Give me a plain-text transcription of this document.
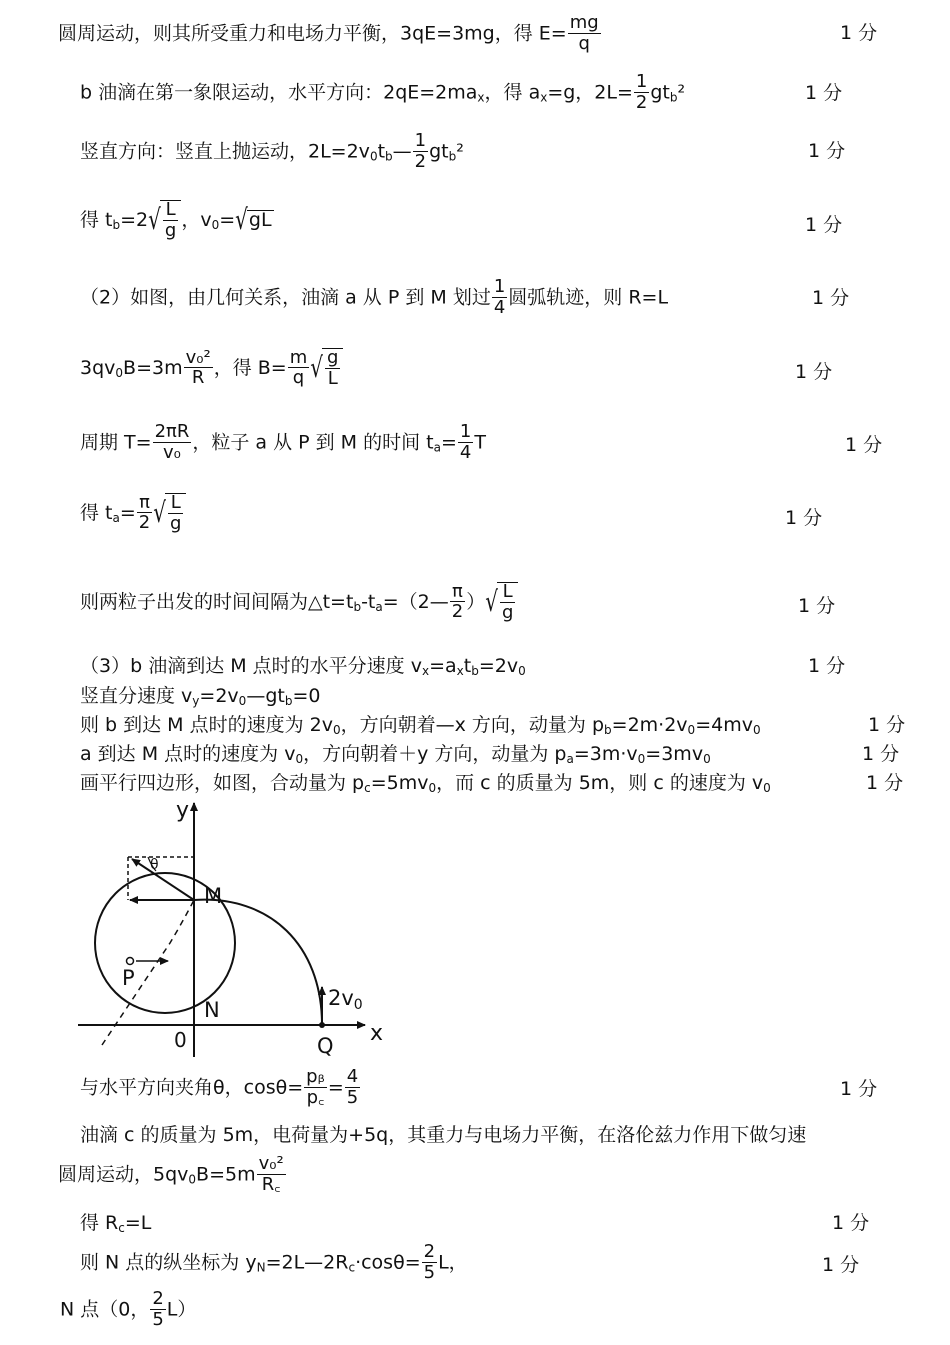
圆周运动，则其所受重力和电场力平衡，3qE=3mg，得 $E= \frac{mg}{q}$	1 分
b 油滴在第一象限运动，水平方向：$2qE=2ma_x$，得 $a_x=g$，$2L= \frac{1}{2} gt_b^2$	1 分
竖直方向：竖直上抛运动，$2L=2v_0t_b— \frac{1}{2} gt_b^2$	1 分
得 $t_b=2√ \frac{L}{g}$ ，$v_0=√gL$	1 分
（2）如图，由几何关系，油滴 a 从 P 到 M 划过 $\frac{1}{4}$ 圆弧轨迹，则 R=L	1 分
$3qv_0B=3m \frac{\text{v₀²}}{R}$ ，得 $B= \frac{m}{q}$ √ $\frac{g}{L}$	1 分
周期 $T= \frac{2\pi R}{\text{v₀}}$ ，粒子 a 从 P 到 M 的时间 $t_a= \frac{1}{4}$ T	1 分
得 $t_a= \frac{\pi}{2}$ √ $\frac{L}{g}$	1 分
则两粒子出发的时间间隔为$\triangle t=t_b-t_a=(2— \frac{\pi}{2}$ ）√ $\frac{L}{g}$	1 分
（3）b 油滴到达 M 点时的水平分速度 $v_x=a_xt_b=2v_0$	1 分
竖直分速度 $v_y=2v_0—gt_b=0$
则 b 到达 M 点时的速度为 $2v_0$，方向朝着—x 方向，动量为 $p_b=2m\cdot 2v_0=4mv_0$	1 分
a 到达 M 点时的速度为 $v_0$，方向朝着＋y 方向，动量为 $p_a=3m\cdot v_0=3mv_0$	1 分
画平行四边形，如图，合动量为 $p_c=5mv_0$，而 c 的质量为 5m，则 c 的速度为 $v_0$	1 分
θ
y
x
0
M
N
P
Q
2v0
与水平方向夹角θ，$\cos\theta= \frac{\text{pᵦ}}{p꜀} = \frac{4}{5}$	1 分
油滴 c 的质量为 5m，电荷量为+5q，其重力与电场力平衡，在洛伦兹力作用下做匀速
圆周运动，$5qv_0B=5m \frac{\text{v₀²}}{R꜀}$
得 $R_c=L$	1 分
则 N 点的纵坐标为 $y_N=2L—2R_c\cdot\cos\theta= \frac{2}{5}$ L，	1 分
N 点（0， $\frac{2}{5} L$）
